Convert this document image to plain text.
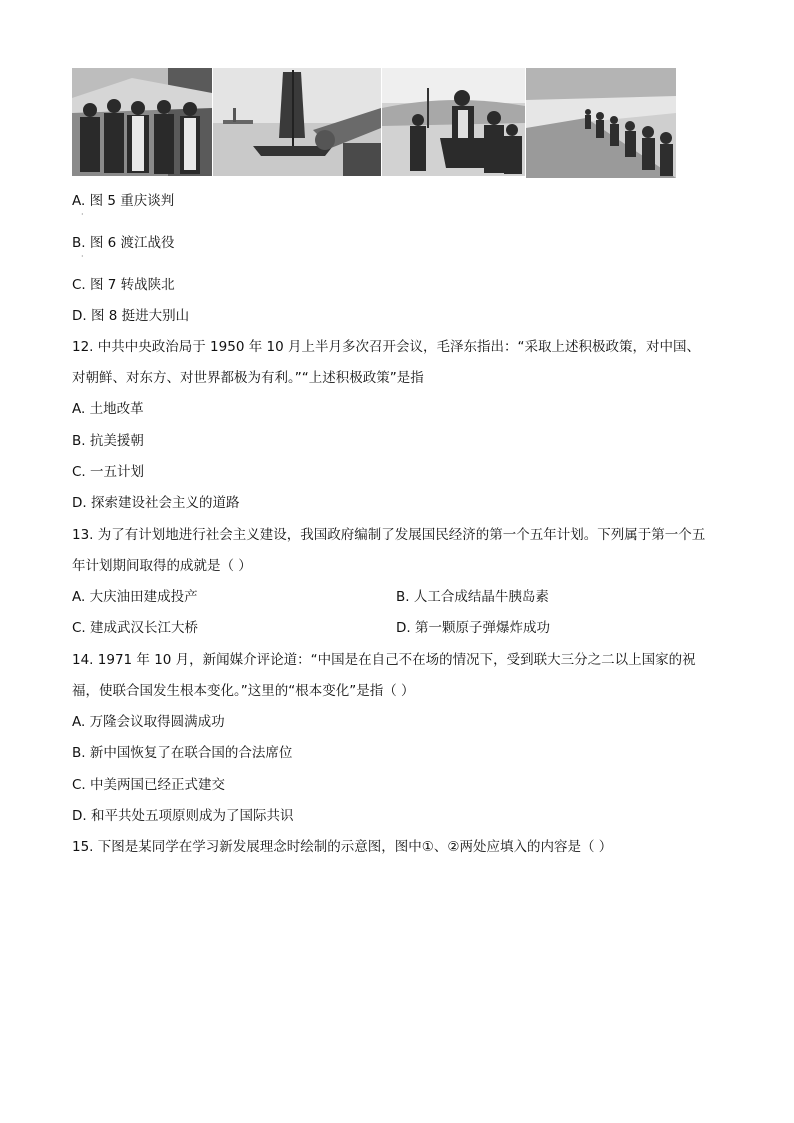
A. 图 5 重庆谈判
·
B. 图 6 渡江战役
·
C. 图 7 转战陕北
D. 图 8 挺进大别山
12. 中共中央政治局于 1950 年 10 月上半月多次召开会议，毛泽东指出：“采取上述积极政策，对中国、
对朝鲜、对东方、对世界都极为有利。”“上述积极政策”是指
A. 土地改革
B. 抗美援朝
C. 一五计划
D. 探索建设社会主义的道路
13. 为了有计划地进行社会主义建设，我国政府编制了发展国民经济的第一个五年计划。下列属于第一个五
年计划期间取得的成就是（ ）
A. 大庆油田建成投产	B. 人工合成结晶牛胰岛素
C. 建成武汉长江大桥	D. 第一颗原子弹爆炸成功
14. 1971 年 10 月，新闻媒介评论道：“中国是在自己不在场的情况下，受到联大三分之二以上国家的祝
福，使联合国发生根本变化。”这里的“根本变化”是指（ ）
A. 万隆会议取得圆满成功
B. 新中国恢复了在联合国的合法席位
C. 中美两国已经正式建交
D. 和平共处五项原则成为了国际共识
15. 下图是某同学在学习新发展理念时绘制的示意图，图中①、②两处应填入的内容是（ ）
